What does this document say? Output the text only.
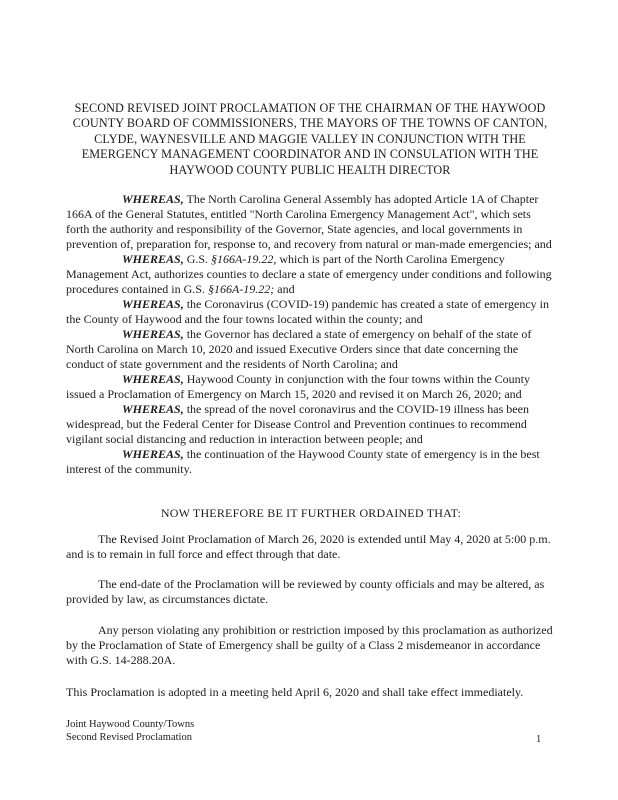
SECOND REVISED JOINT PROCLAMATION OF THE CHAIRMAN OF THE HAYWOOD
COUNTY BOARD OF COMMISSIONERS, THE MAYORS OF THE TOWNS OF CANTON,
CLYDE, WAYNESVILLE AND MAGGIE VALLEY IN CONJUNCTION WITH THE
EMERGENCY MANAGEMENT COORDINATOR AND IN CONSULATION WITH THE
HAYWOOD COUNTY PUBLIC HEALTH DIRECTOR

WHEREAS, The North Carolina General Assembly has adopted Article 1A of Chapter 166A of the General Statutes, entitled "North Carolina Emergency Management Act", which sets forth the authority and responsibility of the Governor, State agencies, and local governments in prevention of, preparation for, response to, and recovery from natural or man-made emergencies; and

WHEREAS, G.S. §166A-19.22, which is part of the North Carolina Emergency Management Act, authorizes counties to declare a state of emergency under conditions and following procedures contained in G.S. §166A-19.22; and

WHEREAS, the Coronavirus (COVID-19) pandemic has created a state of emergency in the County of Haywood and the four towns located within the county; and

WHEREAS, the Governor has declared a state of emergency on behalf of the state of North Carolina on March 10, 2020 and issued Executive Orders since that date concerning the conduct of state government and the residents of North Carolina; and

WHEREAS, Haywood County in conjunction with the four towns within the County issued a Proclamation of Emergency on March 15, 2020 and revised it on March 26, 2020; and

WHEREAS, the spread of the novel coronavirus and the COVID-19 illness has been widespread, but the Federal Center for Disease Control and Prevention continues to recommend vigilant social distancing and reduction in interaction between people; and

WHEREAS, the continuation of the Haywood County state of emergency is in the best interest of the community.

NOW THEREFORE BE IT FURTHER ORDAINED THAT:

The Revised Joint Proclamation of March 26, 2020 is extended until May 4, 2020 at 5:00 p.m. and is to remain in full force and effect through that date.

The end-date of the Proclamation will be reviewed by county officials and may be altered, as provided by law, as circumstances dictate.

Any person violating any prohibition or restriction imposed by this proclamation as authorized by the Proclamation of State of Emergency shall be guilty of a Class 2 misdemeanor in accordance with G.S. 14-288.20A.

This Proclamation is adopted in a meeting held April 6, 2020 and shall take effect immediately.

Joint Haywood County/Towns
Second Revised Proclamation	1
